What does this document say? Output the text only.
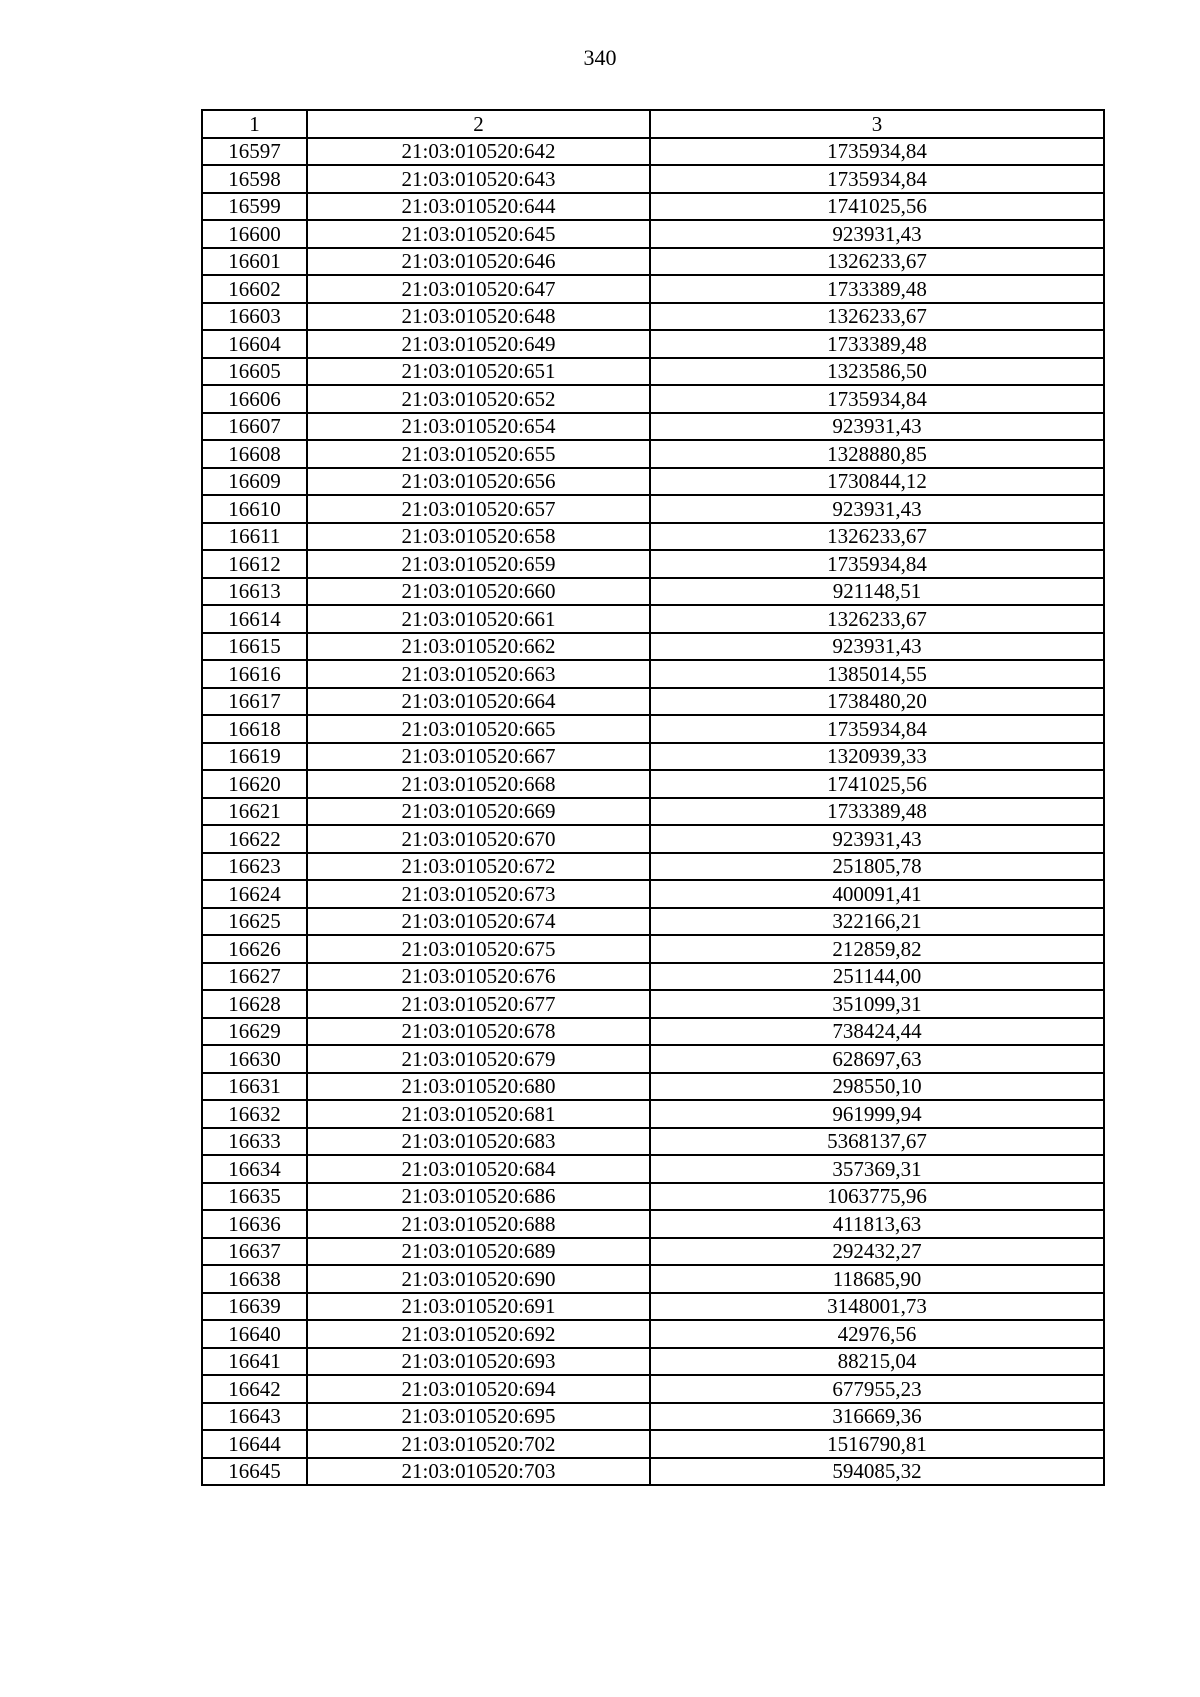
340
1	2	3
16597	21:03:010520:642	1735934,84
16598	21:03:010520:643	1735934,84
16599	21:03:010520:644	1741025,56
16600	21:03:010520:645	923931,43
16601	21:03:010520:646	1326233,67
16602	21:03:010520:647	1733389,48
16603	21:03:010520:648	1326233,67
16604	21:03:010520:649	1733389,48
16605	21:03:010520:651	1323586,50
16606	21:03:010520:652	1735934,84
16607	21:03:010520:654	923931,43
16608	21:03:010520:655	1328880,85
16609	21:03:010520:656	1730844,12
16610	21:03:010520:657	923931,43
16611	21:03:010520:658	1326233,67
16612	21:03:010520:659	1735934,84
16613	21:03:010520:660	921148,51
16614	21:03:010520:661	1326233,67
16615	21:03:010520:662	923931,43
16616	21:03:010520:663	1385014,55
16617	21:03:010520:664	1738480,20
16618	21:03:010520:665	1735934,84
16619	21:03:010520:667	1320939,33
16620	21:03:010520:668	1741025,56
16621	21:03:010520:669	1733389,48
16622	21:03:010520:670	923931,43
16623	21:03:010520:672	251805,78
16624	21:03:010520:673	400091,41
16625	21:03:010520:674	322166,21
16626	21:03:010520:675	212859,82
16627	21:03:010520:676	251144,00
16628	21:03:010520:677	351099,31
16629	21:03:010520:678	738424,44
16630	21:03:010520:679	628697,63
16631	21:03:010520:680	298550,10
16632	21:03:010520:681	961999,94
16633	21:03:010520:683	5368137,67
16634	21:03:010520:684	357369,31
16635	21:03:010520:686	1063775,96
16636	21:03:010520:688	411813,63
16637	21:03:010520:689	292432,27
16638	21:03:010520:690	118685,90
16639	21:03:010520:691	3148001,73
16640	21:03:010520:692	42976,56
16641	21:03:010520:693	88215,04
16642	21:03:010520:694	677955,23
16643	21:03:010520:695	316669,36
16644	21:03:010520:702	1516790,81
16645	21:03:010520:703	594085,32
